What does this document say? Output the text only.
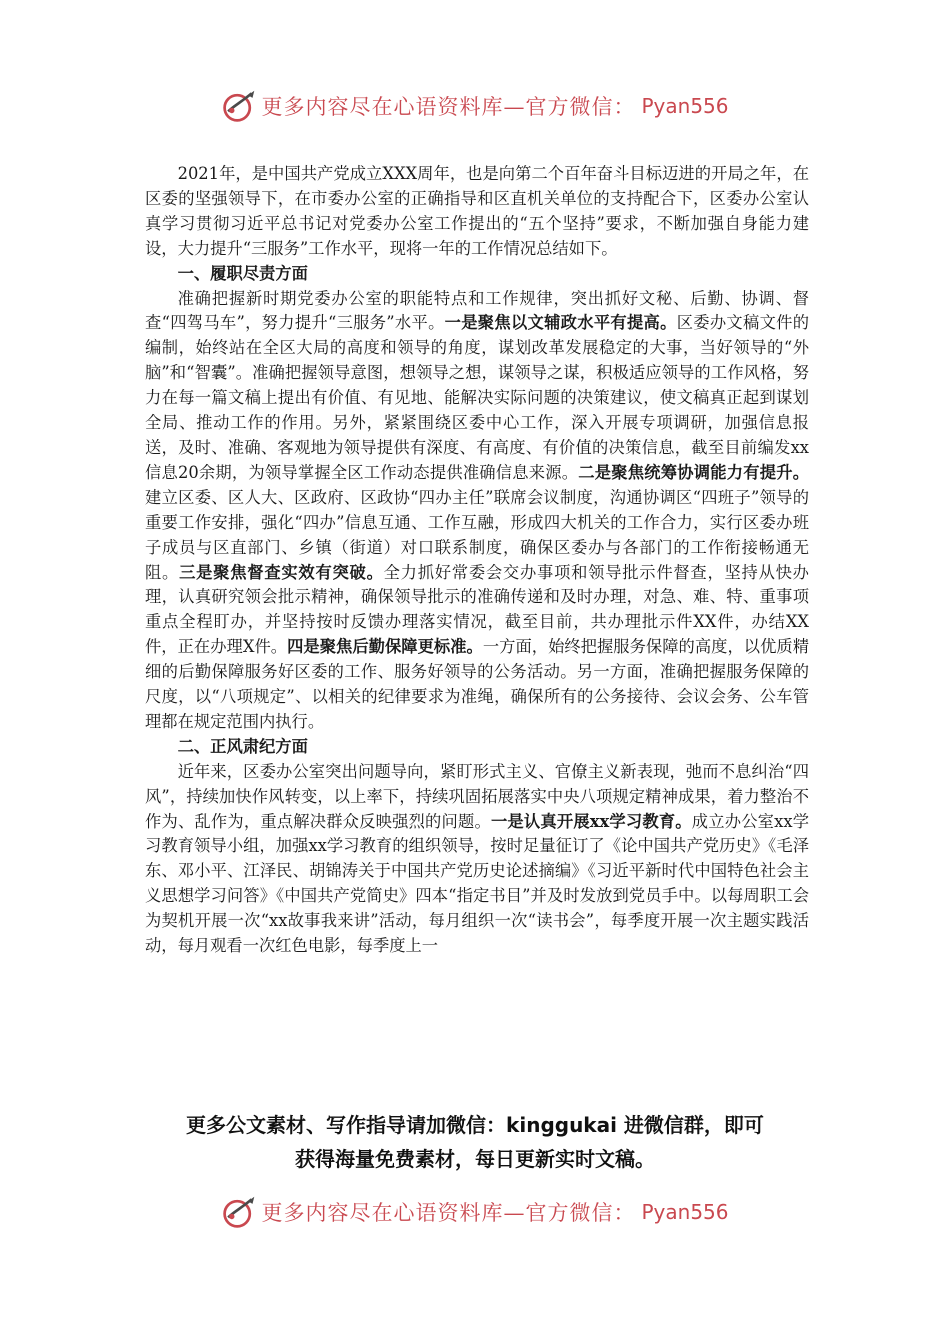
更多内容尽在心语资料库—官方微信： Pyan556

2021年，是中国共产党成立XXX周年，也是向第二个百年奋斗目标迈进的开局之年，在区委的坚强领导下，在市委办公室的正确指导和区直机关单位的支持配合下，区委办公室认真学习贯彻习近平总书记对党委办公室工作提出的“五个坚持”要求，不断加强自身能力建设，大力提升“三服务”工作水平，现将一年的工作情况总结如下。

一、履职尽责方面

准确把握新时期党委办公室的职能特点和工作规律，突出抓好文秘、后勤、协调、督查“四驾马车”，努力提升“三服务”水平。一是聚焦以文辅政水平有提高。区委办文稿文件的编制，始终站在全区大局的高度和领导的角度，谋划改革发展稳定的大事，当好领导的“外脑”和“智囊”。准确把握领导意图，想领导之想，谋领导之谋，积极适应领导的工作风格，努力在每一篇文稿上提出有价值、有见地、能解决实际问题的决策建议，使文稿真正起到谋划全局、推动工作的作用。另外，紧紧围绕区委中心工作，深入开展专项调研，加强信息报送，及时、准确、客观地为领导提供有深度、有高度、有价值的决策信息，截至目前编发xx信息20余期，为领导掌握全区工作动态提供准确信息来源。二是聚焦统筹协调能力有提升。建立区委、区人大、区政府、区政协“四办主任”联席会议制度，沟通协调区“四班子”领导的重要工作安排，强化“四办”信息互通、工作互融，形成四大机关的工作合力，实行区委办班子成员与区直部门、乡镇（街道）对口联系制度，确保区委办与各部门的工作衔接畅通无阻。三是聚焦督查实效有突破。全力抓好常委会交办事项和领导批示件督查，坚持从快办理，认真研究领会批示精神，确保领导批示的准确传递和及时办理，对急、难、特、重事项重点全程盯办，并坚持按时反馈办理落实情况，截至目前，共办理批示件XX件，办结XX件，正在办理X件。四是聚焦后勤保障更标准。一方面，始终把握服务保障的高度，以优质精细的后勤保障服务好区委的工作、服务好领导的公务活动。另一方面，准确把握服务保障的尺度，以“八项规定”、以相关的纪律要求为准绳，确保所有的公务接待、会议会务、公车管理都在规定范围内执行。

二、正风肃纪方面

近年来，区委办公室突出问题导向，紧盯形式主义、官僚主义新表现，弛而不息纠治“四风”，持续加快作风转变，以上率下，持续巩固拓展落实中央八项规定精神成果，着力整治不作为、乱作为，重点解决群众反映强烈的问题。一是认真开展xx学习教育。成立办公室xx学习教育领导小组，加强xx学习教育的组织领导，按时足量征订了《论中国共产党历史》《毛泽东、邓小平、江泽民、胡锦涛关于中国共产党历史论述摘编》《习近平新时代中国特色社会主义思想学习问答》《中国共产党简史》四本“指定书目”并及时发放到党员手中。以每周职工会为契机开展一次“xx故事我来讲”活动，每月组织一次“读书会”，每季度开展一次主题实践活动，每月观看一次红色电影，每季度上一

更多公文素材、写作指导请加微信：kinggukai 进微信群，即可
获得海量免费素材，每日更新实时文稿。
更多内容尽在心语资料库—官方微信： Pyan556
